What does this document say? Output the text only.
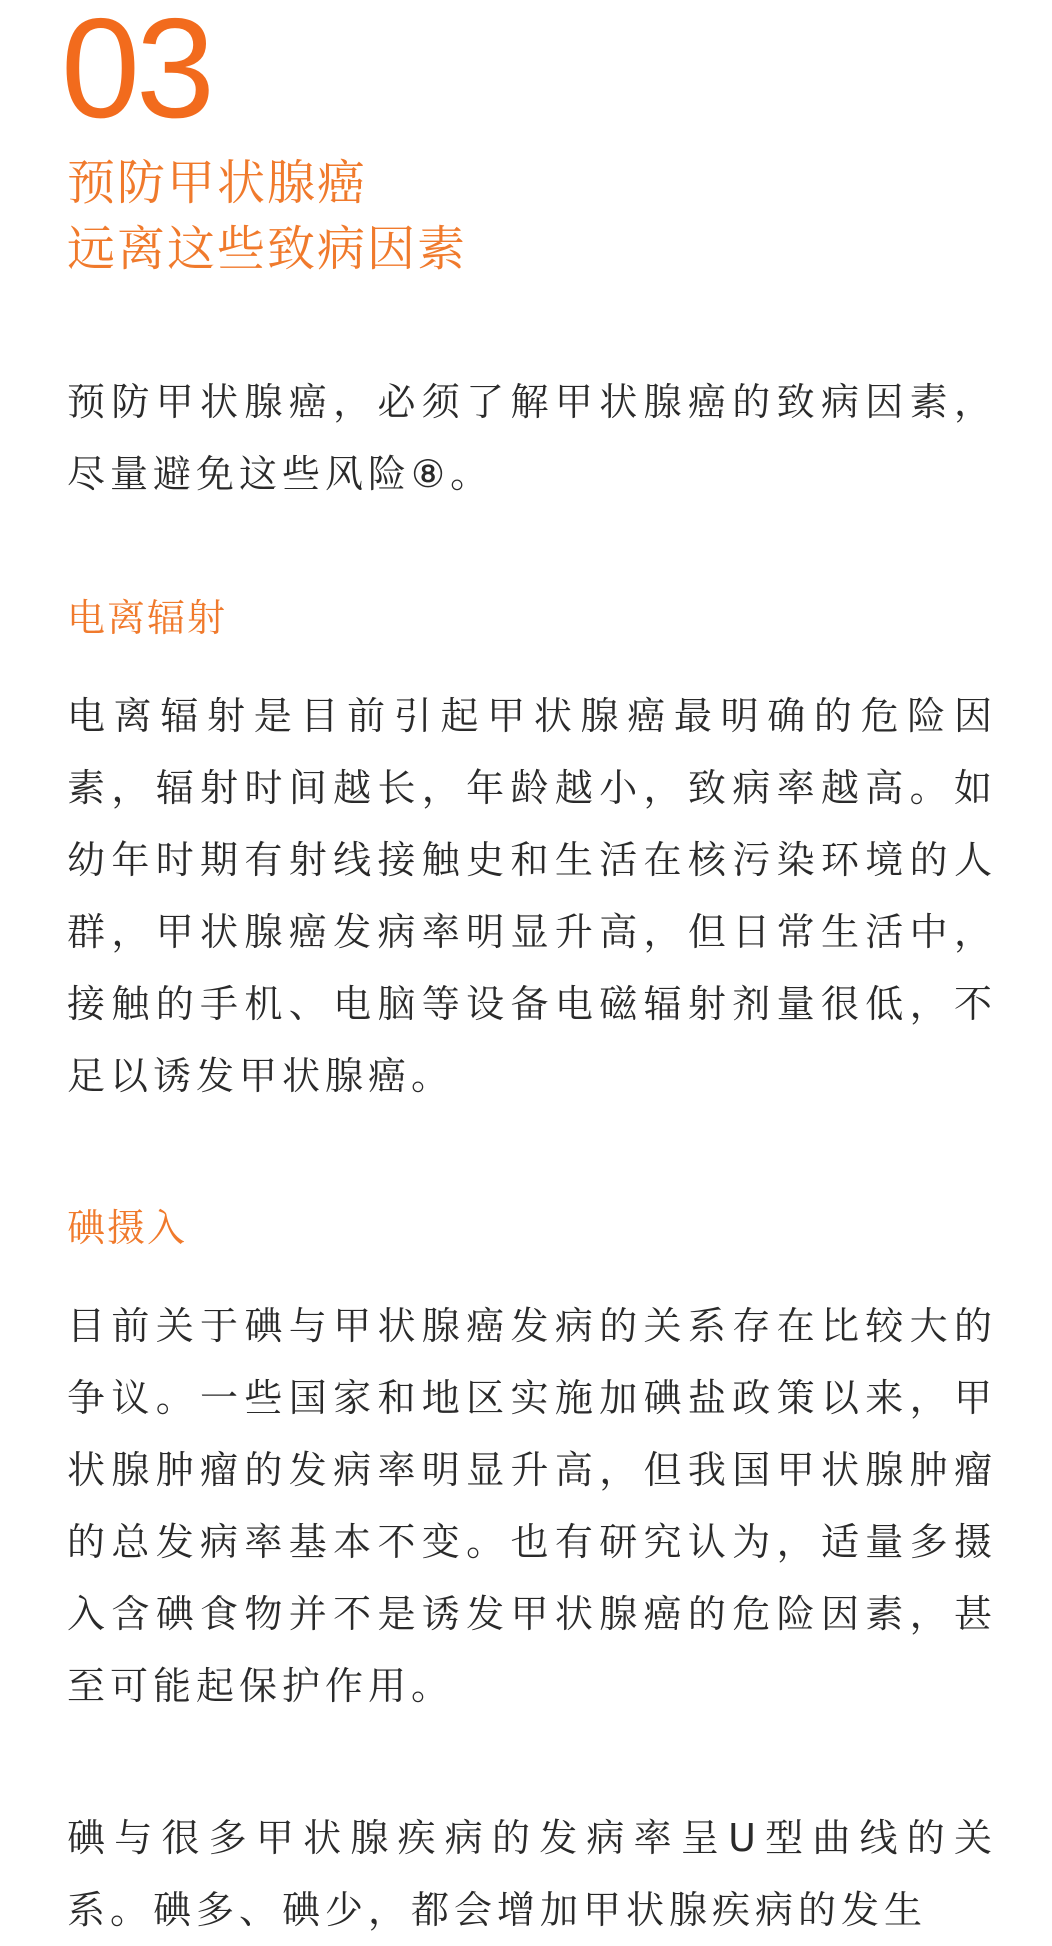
03
预防甲状腺癌
远离这些致病因素

预防甲状腺癌，必须了解甲状腺癌的致病因素，尽量避免这些风险⑧。

电离辐射

电离辐射是目前引起甲状腺癌最明确的危险因素，辐射时间越长，年龄越小，致病率越高。如幼年时期有射线接触史和生活在核污染环境的人群，甲状腺癌发病率明显升高，但日常生活中，接触的手机、电脑等设备电磁辐射剂量很低，不足以诱发甲状腺癌。

碘摄入

目前关于碘与甲状腺癌发病的关系存在比较大的争议。一些国家和地区实施加碘盐政策以来，甲状腺肿瘤的发病率明显升高，但我国甲状腺肿瘤的总发病率基本不变。也有研究认为，适量多摄入含碘食物并不是诱发甲状腺癌的危险因素，甚至可能起保护作用。

碘与很多甲状腺疾病的发病率呈U型曲线的关系。碘多、碘少，都会增加甲状腺疾病的发生
